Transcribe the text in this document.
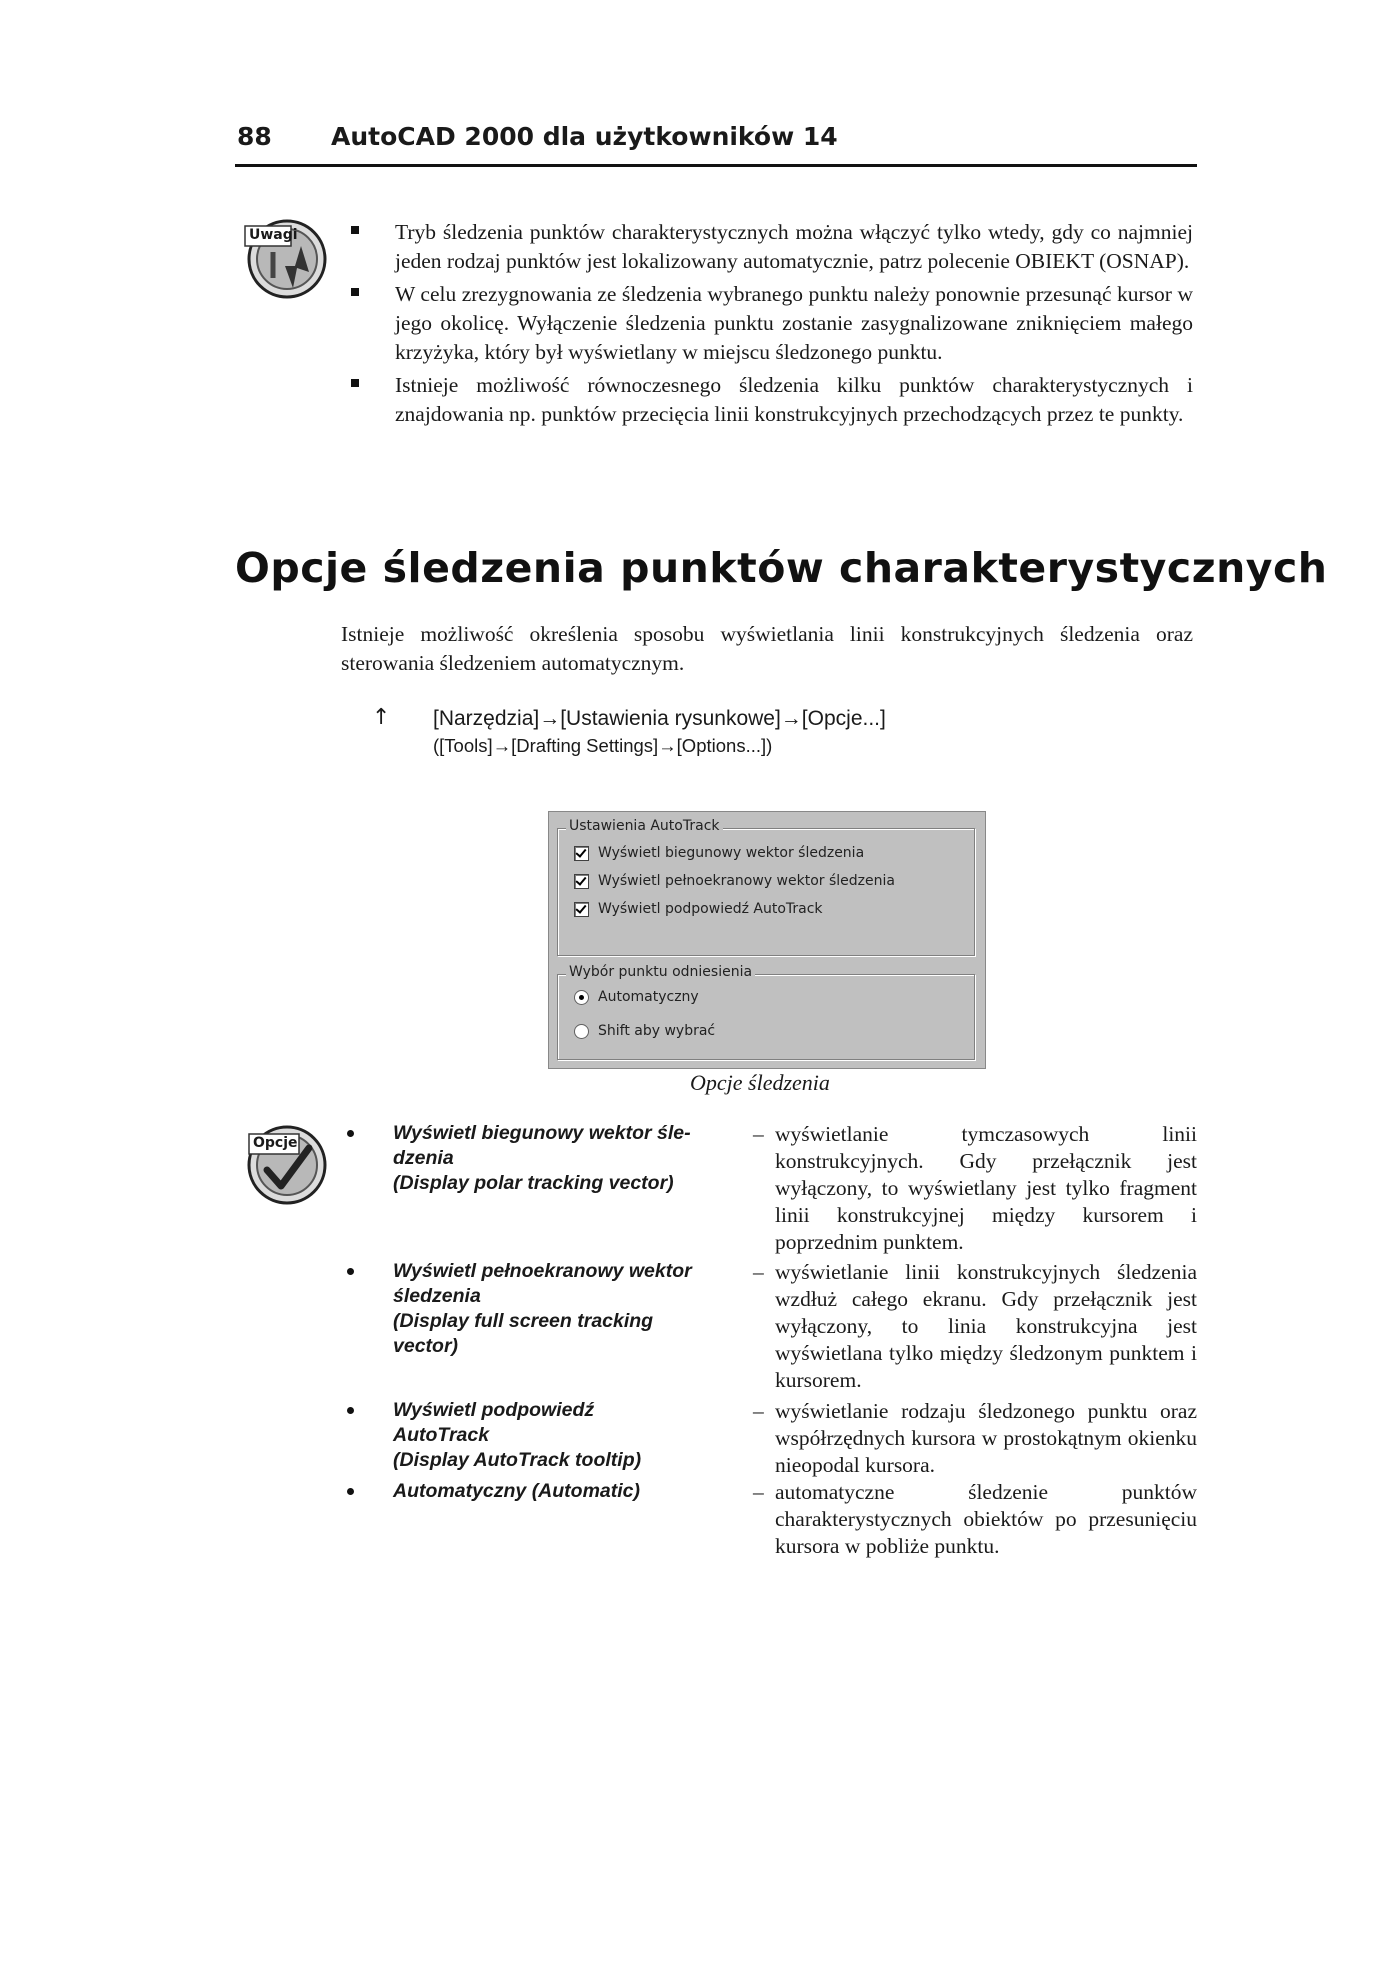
88 AutoCAD 2000 dla użytkowników 14
Uwagi	Tryb śledzenia punktów charakterystycznych można włączyć tylko wtedy, gdy co najmniej jeden rodzaj punktów jest lokalizowany automatycznie, patrz polecenie OBIEKT (OSNAP).
W celu zrezygnowania ze śledzenia wybranego punktu należy ponownie przesunąć kursor w jego okolicę. Wyłączenie śledzenia punktu zostanie zasygnalizowane zniknięciem małego krzyżyka, który był wyświetlany w miejscu śledzonego punktu.
Istnieje możliwość równoczesnego śledzenia kilku punktów charakterystycznych i znajdowania np. punktów przecięcia linii konstrukcyjnych przechodzących przez te punkty.
Opcje śledzenia punktów charakterystycznych
Istnieje możliwość określenia sposobu wyświetlania linii konstrukcyjnych śledzenia oraz sterowania śledzeniem automatycznym.
↑ [Narzędzia]→[Ustawienia rysunkowe]→[Opcje...]
([Tools]→[Drafting Settings]→[Options...])
Ustawienia AutoTrack
Wyświetl biegunowy wektor śledzenia
Wyświetl pełnoekranowy wektor śledzenia
Wyświetl podpowiedź AutoTrack
Wybór punktu odniesienia
Automatyczny
Shift aby wybrać
Opcje śledzenia
Opcje	Wyświetl biegunowy wektor śle-
dzenia
(Display polar tracking vector)
– wyświetlanie tymczasowych linii konstrukcyjnych. Gdy przełącznik jest wyłączony, to wyświetlany jest tylko fragment linii konstrukcyjnej między kursorem i poprzednim punktem.
Wyświetl pełnoekranowy wektor
śledzenia
(Display full screen tracking
vector)
– wyświetlanie linii konstrukcyjnych śledzenia wzdłuż całego ekranu. Gdy przełącznik jest wyłączony, to linia konstrukcyjna jest wyświetlana tylko między śledzonym punktem i kursorem.
Wyświetl podpowiedź
AutoTrack
(Display AutoTrack tooltip)
– wyświetlanie rodzaju śledzonego punktu oraz współrzędnych kursora w prostokątnym okienku nieopodal kursora.
Automatyczny (Automatic)	– automatyczne śledzenie punktów charakterystycznych obiektów po przesunięciu kursora w pobliże punktu.
